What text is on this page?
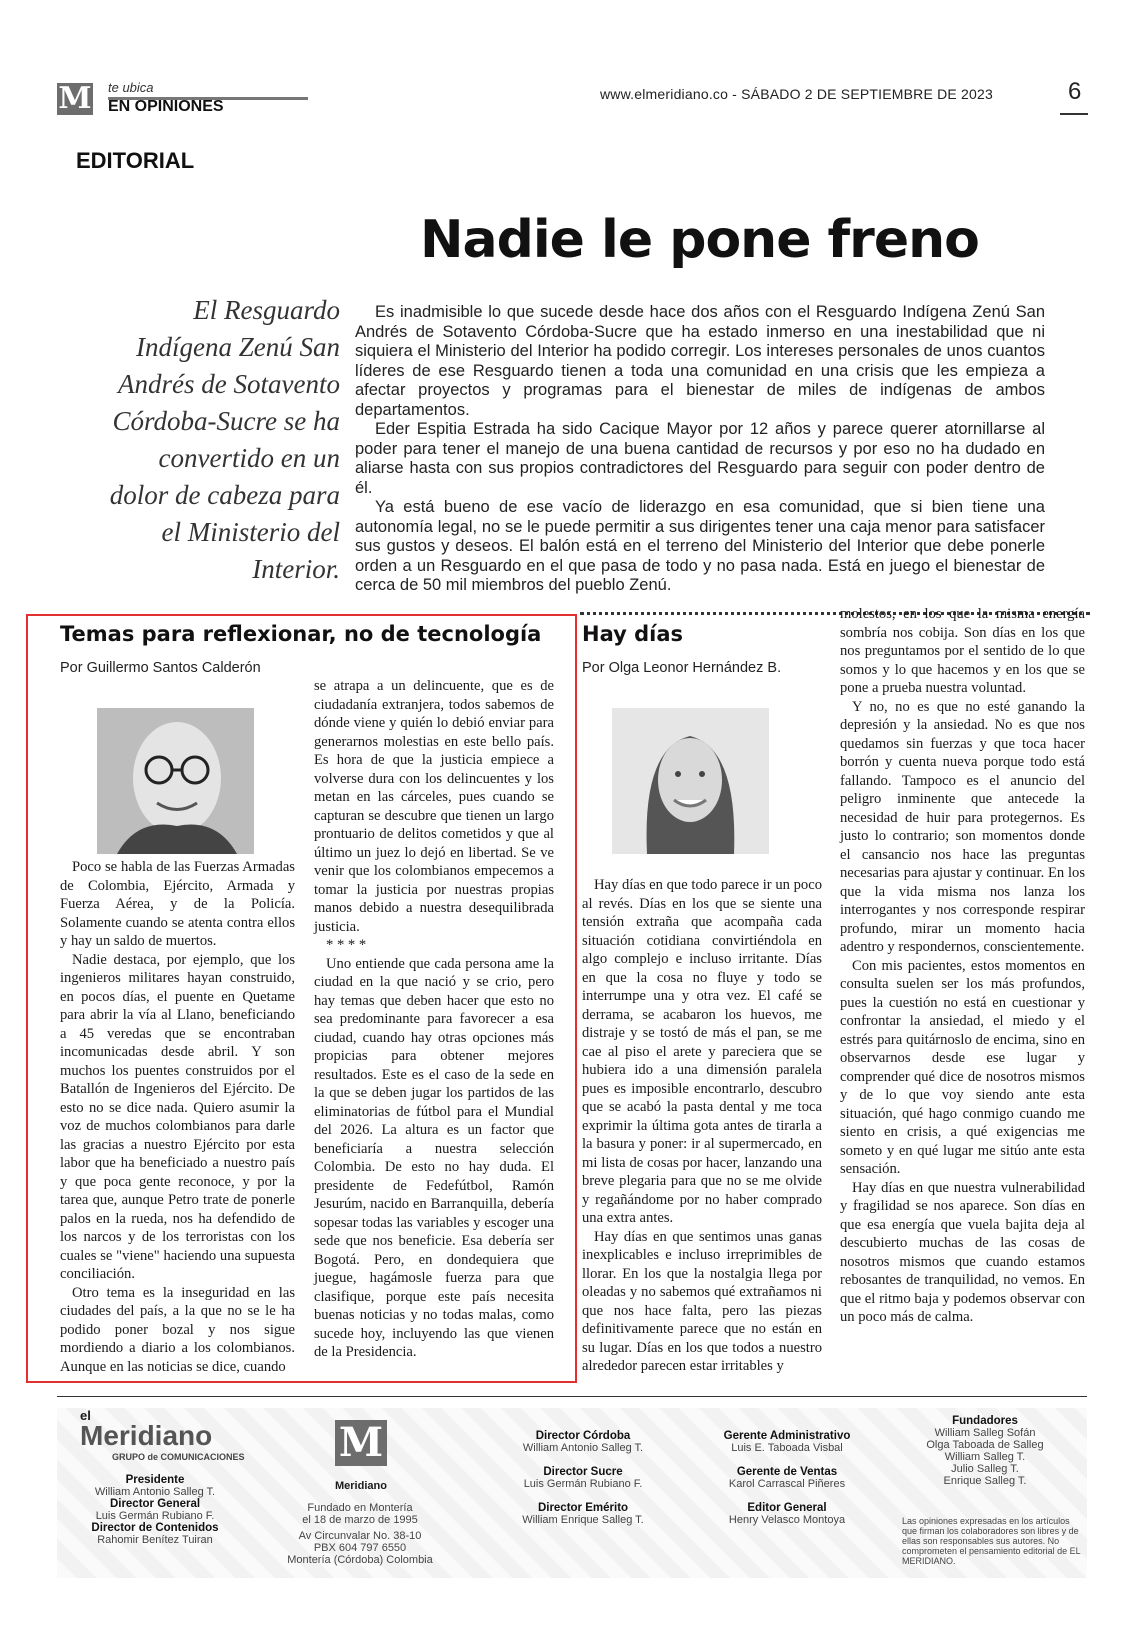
M te ubica
EN OPINIONES
www.elmeridiano.co - SÁBADO 2 DE SEPTIEMBRE DE 2023	6
EDITORIAL
Nadie le pone freno
El Resguardo Indígena Zenú San Andrés de Sotavento Córdoba-Sucre se ha convertido en un dolor de cabeza para el Ministerio del Interior.

Es inadmisible lo que sucede desde hace dos años con el Resguardo Indígena Zenú San Andrés de Sotavento Córdoba-Sucre que ha estado inmerso en una inestabilidad que ni siquiera el Ministerio del Interior ha podido corregir. Los intereses personales de unos cuantos líderes de ese Resguardo tienen a toda una comunidad en una crisis que les empieza a afectar proyectos y programas para el bienestar de miles de indígenas de ambos departamentos.

Eder Espitia Estrada ha sido Cacique Mayor por 12 años y parece querer atornillarse al poder para tener el manejo de una buena cantidad de recursos y por eso no ha dudado en aliarse hasta con sus propios contradictores del Resguardo para seguir con poder dentro de él.

Ya está bueno de ese vacío de liderazgo en esa comunidad, que si bien tiene una autonomía legal, no se le puede permitir a sus dirigentes tener una caja menor para satisfacer sus gustos y deseos. El balón está en el terreno del Ministerio del Interior que debe ponerle orden a un Resguardo en el que pasa de todo y no pasa nada. Está en juego el bienestar de cerca de 50 mil miembros del pueblo Zenú.

Temas para reflexionar, no de tecnología
Por Guillermo Santos Calderón

Poco se habla de las Fuerzas Armadas de Colombia, Ejército, Armada y Fuerza Aérea, y de la Policía. Solamente cuando se atenta contra ellos y hay un saldo de muertos.

Nadie destaca, por ejemplo, que los ingenieros militares hayan construido, en pocos días, el puente en Quetame para abrir la vía al Llano, beneficiando a 45 veredas que se encontraban incomunicadas desde abril. Y son muchos los puentes construidos por el Batallón de Ingenieros del Ejército. De esto no se dice nada. Quiero asumir la voz de muchos colombianos para darle las gracias a nuestro Ejército por esta labor que ha beneficiado a nuestro país y que poca gente reconoce, y por la tarea que, aunque Petro trate de ponerle palos en la rueda, nos ha defendido de los narcos y de los terroristas con los cuales se "viene" haciendo una supuesta conciliación.

Otro tema es la inseguridad en las ciudades del país, a la que no se le ha podido poner bozal y nos sigue mordiendo a diario a los colombianos. Aunque en las noticias se dice, cuando

se atrapa a un delincuente, que es de ciudadanía extranjera, todos sabemos de dónde viene y quién lo debió enviar para generarnos molestias en este bello país. Es hora de que la justicia empiece a volverse dura con los delincuentes y los metan en las cárceles, pues cuando se capturan se descubre que tienen un largo prontuario de delitos cometidos y que al último un juez lo dejó en libertad. Se ve venir que los colombianos empecemos a tomar la justicia por nuestras propias manos debido a nuestra desequilibrada justicia.

* * * *

Uno entiende que cada persona ame la ciudad en la que nació y se crio, pero hay temas que deben hacer que esto no sea predominante para favorecer a esa ciudad, cuando hay otras opciones más propicias para obtener mejores resultados. Este es el caso de la sede en la que se deben jugar los partidos de las eliminatorias de fútbol para el Mundial del 2026. La altura es un factor que beneficiaría a nuestra selección Colombia. De esto no hay duda. El presidente de Fedefútbol, Ramón Jesurúm, nacido en Barranquilla, debería sopesar todas las variables y escoger una sede que nos beneficie. Esa debería ser Bogotá. Pero, en dondequiera que juegue, hagámosle fuerza para que clasifique, porque este país necesita buenas noticias y no todas malas, como sucede hoy, incluyendo las que vienen de la Presidencia.

Hay días
Por Olga Leonor Hernández B.

Hay días en que todo parece ir un poco al revés. Días en los que se siente una tensión extraña que acompaña cada situación cotidiana convirtiéndola en algo complejo e incluso irritante. Días en que la cosa no fluye y todo se interrumpe una y otra vez. El café se derrama, se acabaron los huevos, me distraje y se tostó de más el pan, se me cae al piso el arete y pareciera que se hubiera ido a una dimensión paralela pues es imposible encontrarlo, descubro que se acabó la pasta dental y me toca exprimir la última gota antes de tirarla a la basura y poner: ir al supermercado, en mi lista de cosas por hacer, lanzando una breve plegaria para que no se me olvide y regañándome por no haber comprado una extra antes.

Hay días en que sentimos unas ganas inexplicables e incluso irreprimibles de llorar. En los que la nostalgia llega por oleadas y no sabemos qué extrañamos ni que nos hace falta, pero las piezas definitivamente parece que no están en su lugar. Días en los que todos a nuestro alrededor parecen estar irritables y

molestos, en los que la misma energía sombría nos cobija. Son días en los que nos preguntamos por el sentido de lo que somos y lo que hacemos y en los que se pone a prueba nuestra voluntad.

Y no, no es que no esté ganando la depresión y la ansiedad. No es que nos quedamos sin fuerzas y que toca hacer borrón y cuenta nueva porque todo está fallando. Tampoco es el anuncio del peligro inminente que antecede la necesidad de huir para protegernos. Es justo lo contrario; son momentos donde el cansancio nos hace las preguntas necesarias para ajustar y continuar. En los que la vida misma nos lanza los interrogantes y nos corresponde respirar profundo, mirar un momento hacia adentro y respondernos, conscientemente.

Con mis pacientes, estos momentos en consulta suelen ser los más profundos, pues la cuestión no está en cuestionar y confrontar la ansiedad, el miedo y el estrés para quitárnoslo de encima, sino en observarnos desde ese lugar y comprender qué dice de nosotros mismos y de lo que voy siendo ante esta situación, qué hago conmigo cuando me siento en crisis, a qué exigencias me someto y en qué lugar me sitúo ante esta sensación.

Hay días en que nuestra vulnerabilidad y fragilidad se nos aparece. Son días en que esa energía que vuela bajita deja al descubierto muchas de las cosas de nosotros mismos que cuando estamos rebosantes de tranquilidad, no vemos. En que el ritmo baja y podemos observar con un poco más de calma.

el
Meridiano
GRUPO de COMUNICACIONES
Presidente
William Antonio Salleg T.
Director General
Luis Germán Rubiano F.
Director de Contenidos
Rahomir Benítez Tuiran
M
Meridiano
Fundado en Montería
el 18 de marzo de 1995
Av Circunvalar No. 38-10
PBX 604 797 6550
Montería (Córdoba) Colombia
Director Córdoba
William Antonio Salleg T.
Director Sucre
Luis Germán Rubiano F.
Director Emérito
William Enrique Salleg T.
Gerente Administrativo
Luis E. Taboada Visbal
Gerente de Ventas
Karol Carrascal Piñeres
Editor General
Henry Velasco Montoya
Fundadores
William Salleg Sofán
Olga Taboada de Salleg
William Salleg T.
Julio Salleg T.
Enrique Salleg T.
Las opiniones expresadas en los artículos que firman los colaboradores son libres y de ellas son responsables sus autores. No comprometen el pensamiento editorial de EL MERIDIANO.
